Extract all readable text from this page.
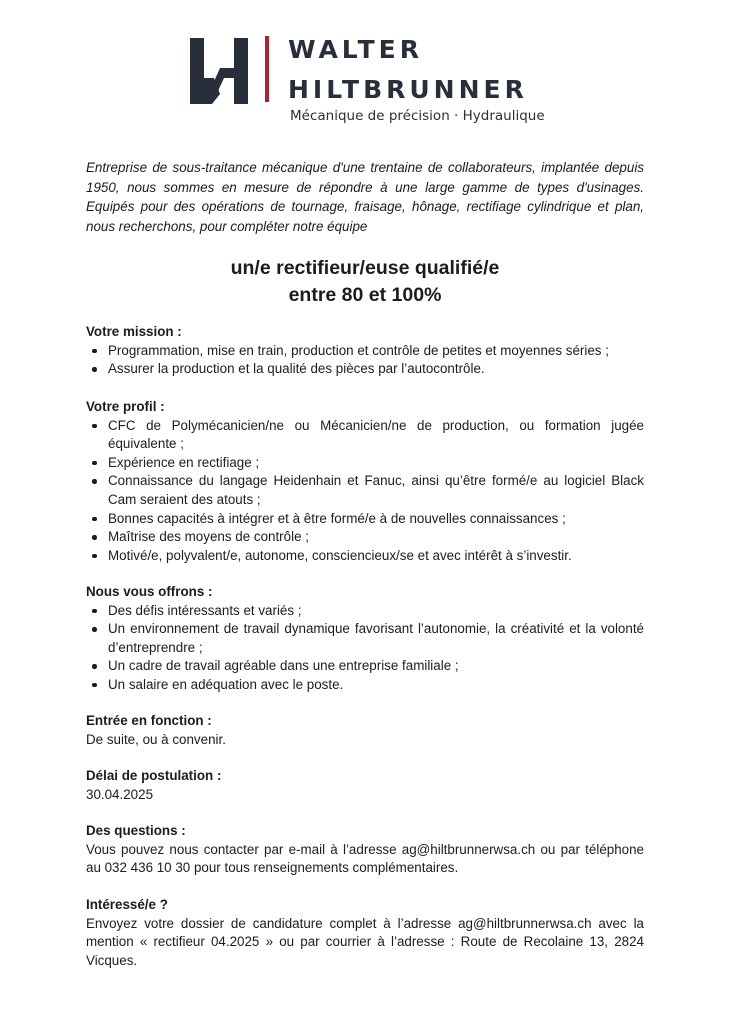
WALTER
HILTBRUNNER
Mécanique de précision · Hydraulique

Entreprise de sous-traitance mécanique d'une trentaine de collaborateurs, implantée depuis 1950, nous sommes en mesure de répondre à une large gamme de types d'usinages. Equipés pour des opérations de tournage, fraisage, hônage, rectifiage cylindrique et plan, nous recherchons, pour compléter notre équipe

un/e rectifieur/euse qualifié/e
entre 80 et 100%
Votre mission :
Programmation, mise en train, production et contrôle de petites et moyennes séries ;
Assurer la production et la qualité des pièces par l’autocontrôle.
Votre profil :
CFC de Polymécanicien/ne ou Mécanicien/ne de production, ou formation jugée équivalente ;
Expérience en rectifiage ;
Connaissance du langage Heidenhain et Fanuc, ainsi qu’être formé/e au logiciel Black Cam seraient des atouts ;
Bonnes capacités à intégrer et à être formé/e à de nouvelles connaissances ;
Maîtrise des moyens de contrôle ;
Motivé/e, polyvalent/e, autonome, consciencieux/se et avec intérêt à s’investir.
Nous vous offrons :
Des défis intéressants et variés ;
Un environnement de travail dynamique favorisant l’autonomie, la créativité et la volonté d’entreprendre ;
Un cadre de travail agréable dans une entreprise familiale ;
Un salaire en adéquation avec le poste.
Entrée en fonction :

De suite, ou à convenir.

Délai de postulation :

30.04.2025

Des questions :

Vous pouvez nous contacter par e-mail à l’adresse ag@hiltbrunnerwsa.ch ou par téléphone au 032 436 10 30 pour tous renseignements complémentaires.

Intéressé/e ?

Envoyez votre dossier de candidature complet à l’adresse ag@hiltbrunnerwsa.ch avec la mention « rectifieur 04.2025 » ou par courrier à l’adresse : Route de Recolaine 13, 2824 Vicques.
